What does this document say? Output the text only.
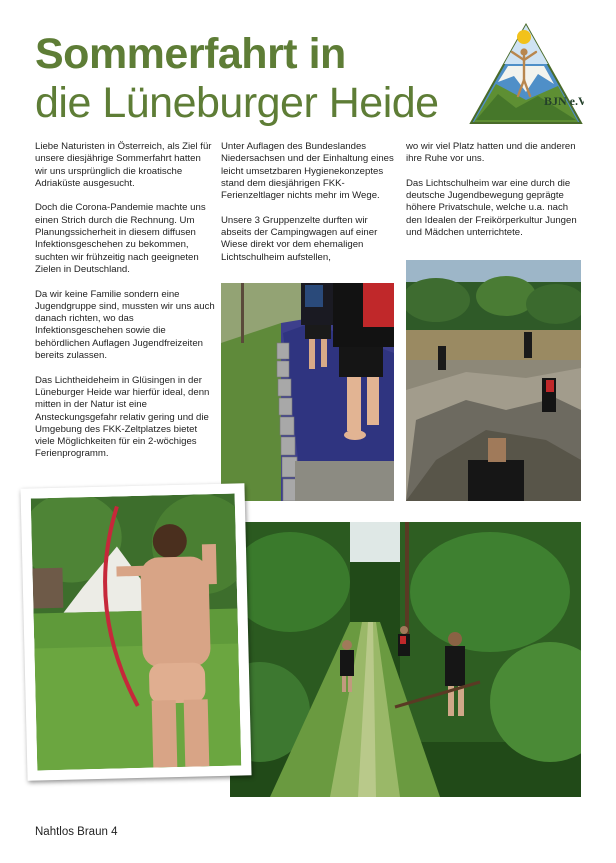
Sommerfahrt in
die Lüneburger Heide	BJN e.V.

Liebe Naturisten in Österreich, als Ziel für unsere diesjährige Sommerfahrt hatten wir uns ursprünglich die kroatische Adriaküste ausgesucht.

Doch die Corona-Pandemie machte uns einen Strich durch die Rechnung. Um Planungssicherheit in diesem diffusen Infektionsgeschehen zu bekommen, suchten wir frühzeitig nach geeigneten Zielen in Deutschland.

Da wir keine Familie sondern eine Jugendgruppe sind, mussten wir uns auch danach richten, wo das Infektionsgeschehen sowie die behördlichen Auflagen Jugendfreizeiten bereits zulassen.

Das Lichtheideheim in Glüsingen in der Lüneburger Heide war hierfür ideal, denn mitten in der Natur ist eine Ansteckungsgefahr relativ gering und die Umgebung des FKK-Zeltplatzes bietet viele Möglichkeiten für ein 2-wöchiges Ferienprogramm.

Unter Auflagen des Bundeslandes Niedersachsen und der Einhaltung eines leicht umsetzbaren Hygienekonzeptes stand dem diesjährigen FKK-Ferienzeltlager nichts mehr im Wege.

Unsere 3 Gruppenzelte durften wir abseits der Campingwagen auf einer Wiese direkt vor dem ehemaligen Lichtschulheim aufstellen,

wo wir viel Platz hatten und die anderen ihre Ruhe vor uns.

Das Lichtschulheim war eine durch die deutsche Jugendbewegung geprägte höhere Privatschule, welche u.a. nach den Idealen der Freikörperkultur Jungen und Mädchen unterrichtete.

Nahtlos Braun 4
